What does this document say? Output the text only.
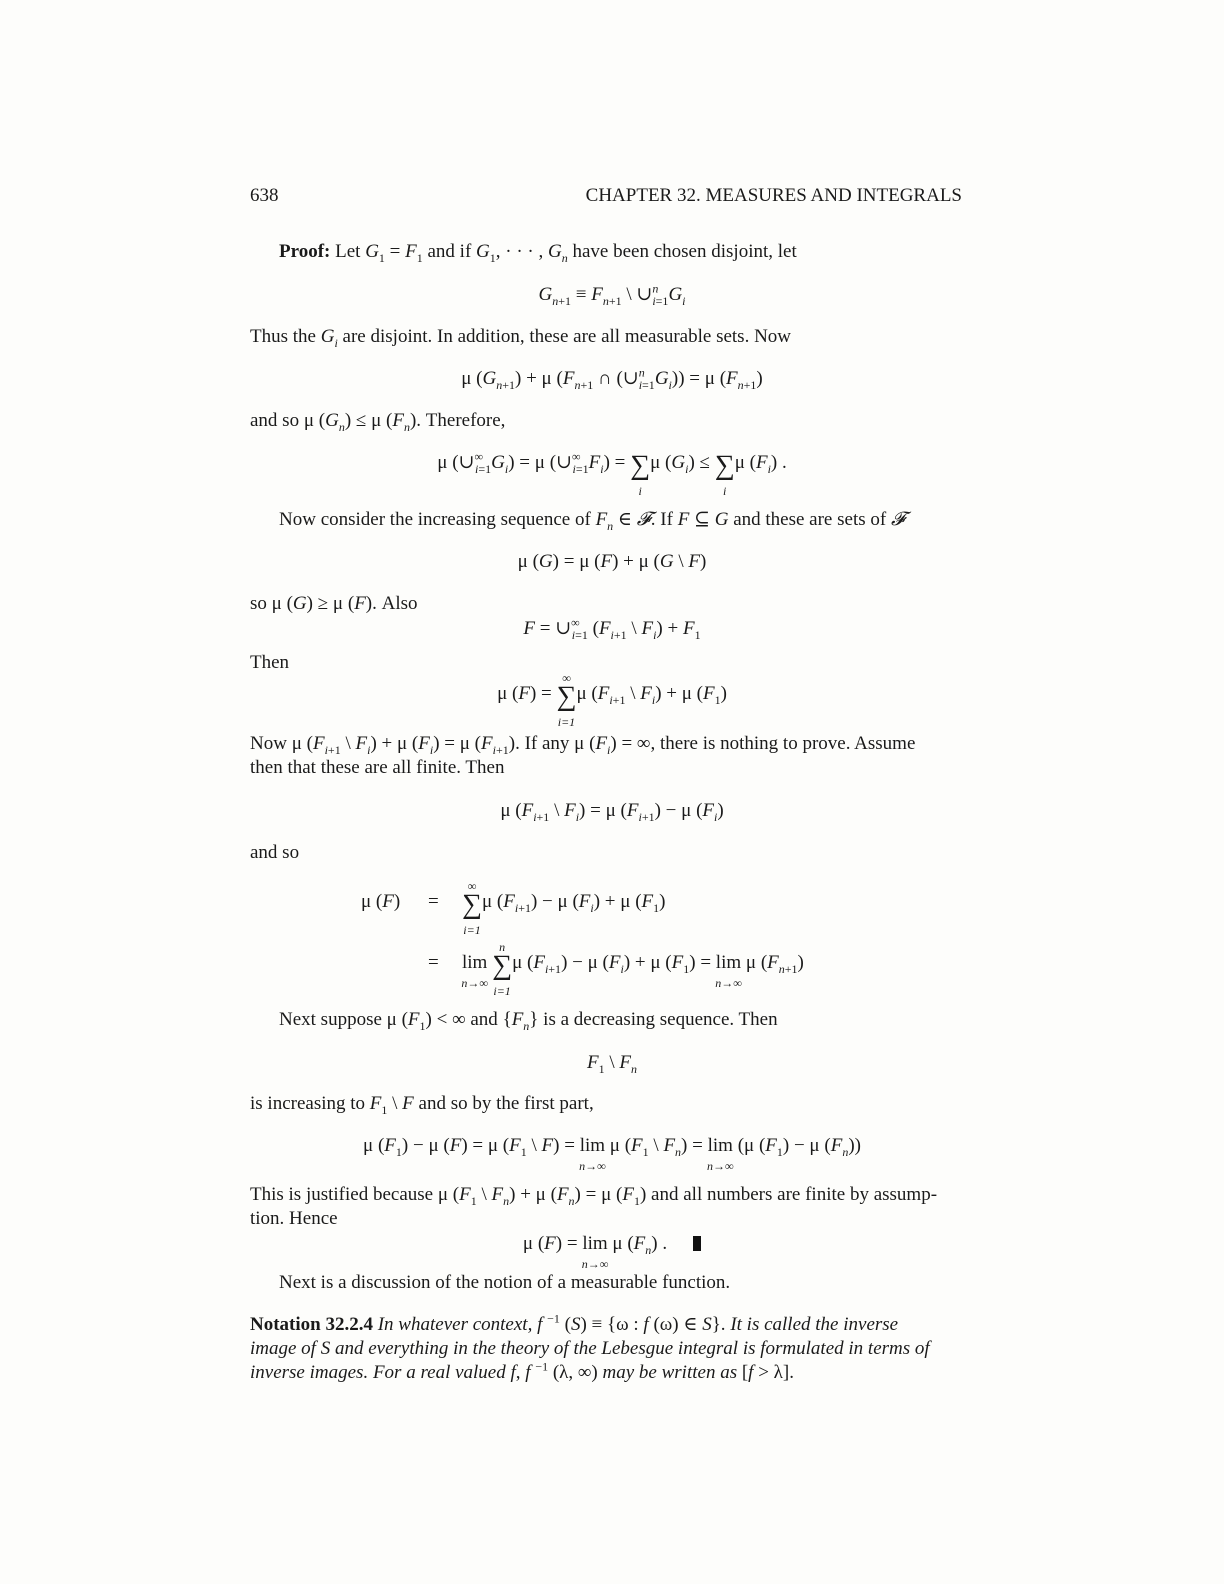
638	CHAPTER 32. MEASURES AND INTEGRALS
Proof: Let $G_1 = F_1$ and if $G_1$, · · · , $G_n$ have been chosen disjoint, let
$G_{n+1} \equiv F_{n+1}$ \ $\cup^n_{i=1}G_i$
Thus the $G_i$ are disjoint. In addition, these are all measurable sets. Now
μ $(G_{n+1}) + \mu$ ($F_{n+1}$ ∩ $(\cup^n_{i=1}G_i)) = \mu$ $(F_{n+1})$
and so μ $(G_n) \le \mu$ $(F_n)$. Therefore,
μ $(\cup^\infty_{i=1}G_i) = \mu$ $(\cup^\infty_{i=1}F_i)$ = ∑
i
μ $(G_i)$ ≤ ∑
i
μ $(F_i)$ .
Now consider the increasing sequence of $F_n$ ∈ 𝓕. If F ⊆ G and these are sets of 𝓕
μ (G) = μ (F) + μ (G \ F)
so μ (G) ≥ μ (F). Also
$F = \cup^\infty_{i=1}$ ($F_{i+1}$ \ $F_i) + F_1$
Then
μ (F) =
∞
∑
i=1
μ ($F_{i+1}$ \ $F_i) + \mu$ $(F_1)$
Now μ ($F_{i+1}$ \ $F_i) + \mu$ $(F_i) = \mu$ $(F_{i+1})$. If any μ $(F_i)$ = ∞, there is nothing to prove. Assume
then that these are all finite. Then
μ ($F_{i+1}$ \ $F_i) = \mu$ $(F_{i+1}) - \mu$ $(F_i)$
and so
μ (F) =
∞
∑
i=1
μ $(F_{i+1}) - \mu$ $(F_i) + \mu$ $(F_1)$
= lim
n→∞

n
∑
i=1
μ $(F_{i+1}) - \mu$ $(F_i) + \mu$ $(F_1) = \lim$
n→∞
μ $(F_{n+1})$
Next suppose μ $(F_1)$ < ∞ and $\{F_n\}$ is a decreasing sequence. Then
$F_1$ \ $F_n$
is increasing to $F_1$ \ F and so by the first part,
μ $(F_1) - \mu$ (F) = μ ($F_1$ \ F) = lim
n→∞
μ ($F_1$ \ $F_n) = \lim$
n→∞
(μ $(F_1) - \mu$ $(F_n)$)
This is justified because μ ($F_1$ \ $F_n) + \mu$ $(F_n) = \mu$ $(F_1)$ and all numbers are finite by assump-
tion. Hence
μ (F) = lim
n→∞
μ $(F_n)$ .
Next is a discussion of the notion of a measurable function.
Notation 32.2.4 In whatever context, f $^{-1}$ (S) ≡ {ω : f (ω) ∈ S}. It is called the inverse
image of S and everything in the theory of the Lebesgue integral is formulated in terms of
inverse images. For a real valued f, f $^{-1}$ (λ, ∞) may be written as [f > λ].
